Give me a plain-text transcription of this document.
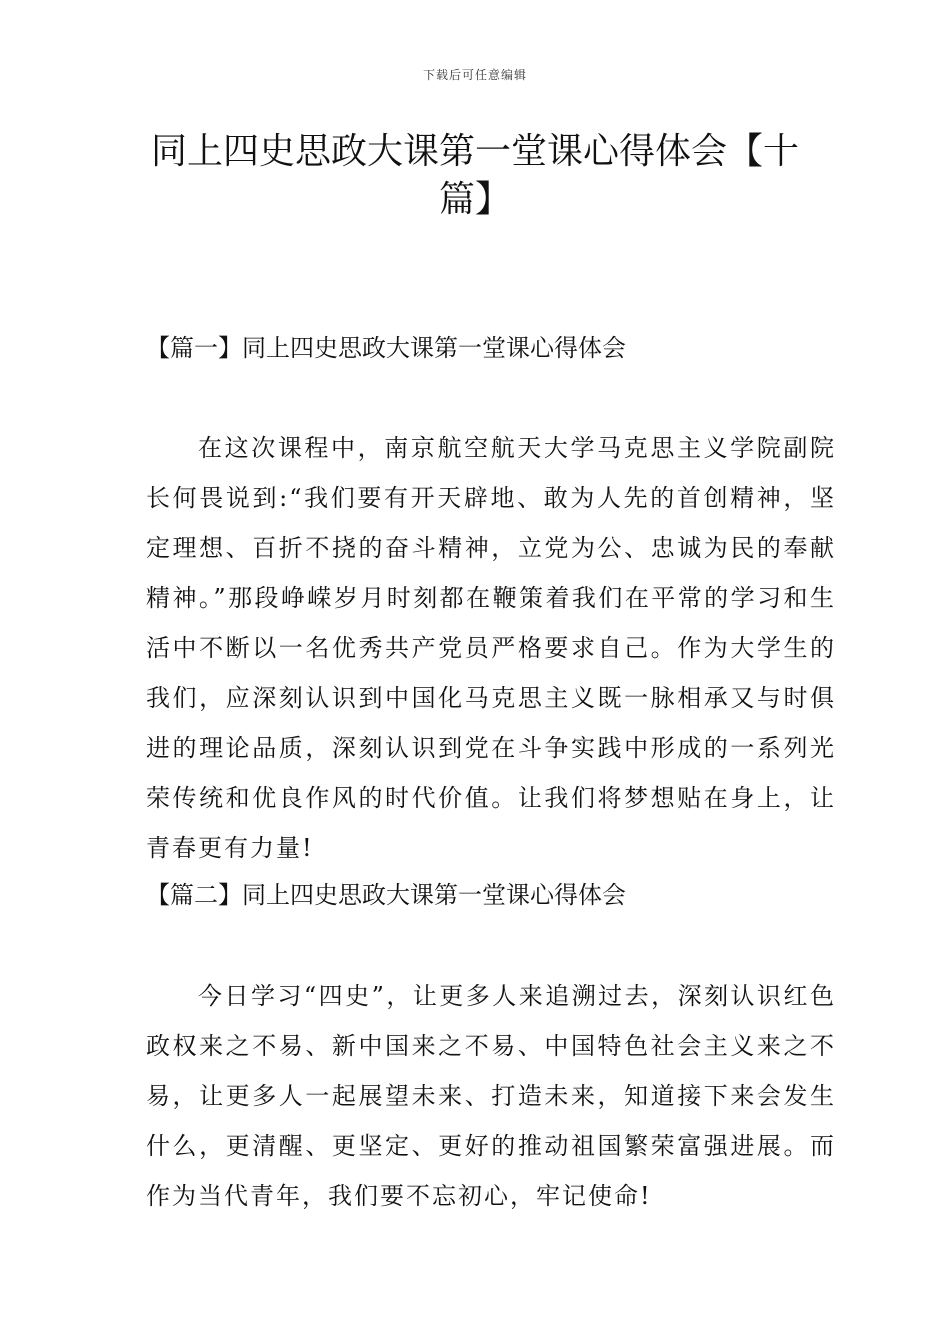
下载后可任意编辑
同上四史思政大课第一堂课心得体会【十篇】
【篇一】同上四史思政大课第一堂课心得体会

在这次课程中，南京航空航天大学马克思主义学院副院长何畏说到:“我们要有开天辟地、敢为人先的首创精神，坚定理想、百折不挠的奋斗精神，立党为公、忠诚为民的奉献精神。”那段峥嵘岁月时刻都在鞭策着我们在平常的学习和生活中不断以一名优秀共产党员严格要求自己。作为大学生的我们，应深刻认识到中国化马克思主义既一脉相承又与时俱进的理论品质，深刻认识到党在斗争实践中形成的一系列光荣传统和优良作风的时代价值。让我们将梦想贴在身上，让青春更有力量!

【篇二】同上四史思政大课第一堂课心得体会

今日学习“四史”，让更多人来追溯过去，深刻认识红色政权来之不易、新中国来之不易、中国特色社会主义来之不易，让更多人一起展望未来、打造未来，知道接下来会发生什么，更清醒、更坚定、更好的推动祖国繁荣富强进展。而作为当代青年，我们要不忘初心，牢记使命!
